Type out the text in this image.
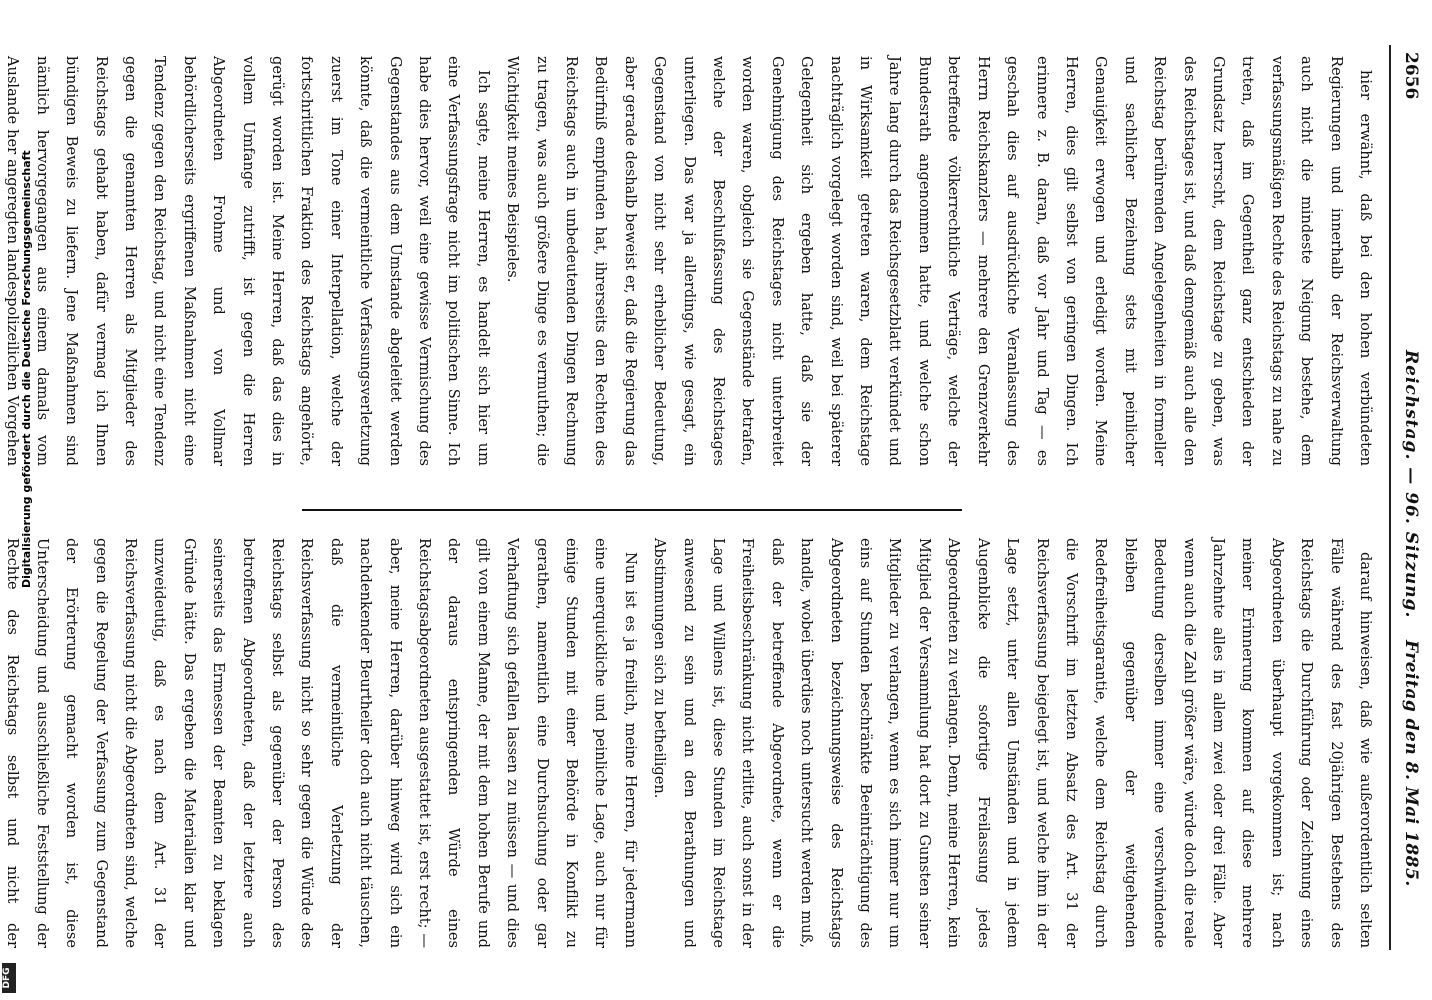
2656
Reichstag. — 96. Sitzung.
Freitag den 8. Mai 1885.

hier erwähnt, daß bei den hohen verbündeten Regierungen und innerhalb der Reichsverwaltung auch nicht die mindeste Neigung bestehe, dem verfassungsmäßigen Rechte des Reichstags zu nahe zu treten, daß im Gegentheil ganz entschieden der Grundsatz herrscht, dem Reichstage zu geben, was des Reichstages ist, und daß demgemäß auch alle den Reichstag berührenden Angelegenheiten in formeller und sachlicher Beziehung stets mit peinlicher Genauigkeit erwogen und erledigt worden. Meine Herren, dies gilt selbst von geringen Dingen. Ich erinnere z. B. daran, daß vor Jahr und Tag — es geschah dies auf ausdrückliche Veranlassung des Herrn Reichskanzlers — mehrere den Grenzverkehr betreffende völkerrechtliche Verträge, welche der Bundesrath angenommen hatte, und welche schon Jahre lang durch das Reichsgesetzblatt verkündet und in Wirksamkeit getreten waren, dem Reichstage nachträglich vorgelegt worden sind, weil bei späterer Gelegenheit sich ergeben hatte, daß sie der Genehmigung des Reichstages nicht unterbreitet worden waren, obgleich sie Gegenstände betrafen, welche der Beschlußfassung des Reichstages unterliegen. Das war ja allerdings, wie gesagt, ein Gegenstand von nicht sehr erheblicher Bedeutung, aber gerade deshalb beweist er, daß die Regierung das Bedürfniß empfunden hat, ihrerseits den Rechten des Reichstags auch in unbedeutenden Dingen Rechnung zu tragen, was auch größere Dinge es vermuthen; die Wichtigkeit meines Beispieles.

Ich sagte, meine Herren, es handelt sich hier um eine Verfassungsfrage nicht im politischen Sinne. Ich habe dies hervor, weil eine gewisse Vermischung des Gegenstandes aus dem Umstande abgeleitet werden könnte, daß die vermeintliche Verfassungsverletzung zuerst im Tone einer Interpellation, welche der fortschrittlichen Fraktion des Reichstags angehörte, gerügt worden ist. Meine Herren, daß das dies in vollem Umfange zutrifft, ist gegen die Herren Abgeordneten Frohme und von Vollmar behördlicherseits ergriffenen Maßnahmen nicht eine Tendenz gegen den Reichstag, und nicht eine Tendenz gegen die genannten Herren als Mitglieder des Reichstags gehabt haben, dafür vermag ich Ihnen bündigen Beweis zu liefern. Jene Maßnahmen sind nämlich hervorgegangen aus einem damals vom Auslande her angeregten landespolizeilichen Vorgehen

darauf hinweisen, daß wie außerordentlich selten Fälle während des fast 20jährigen Bestehens des Reichstags die Durchführung oder Zeichnung eines Abgeordneten überhaupt vorgekommen ist; nach meiner Erinnerung kommen auf diese mehrere Jahrzehnte alles in allem zwei oder drei Fälle. Aber wenn auch die Zahl größer wäre, würde doch die reale Bedeutung derselben immer eine verschwindende bleiben gegenüber der weitgehenden Redefreiheitsgarantie, welche dem Reichstag durch die Vorschrift im letzten Absatz des Art. 31 der Reichsverfassung beigelegt ist, und welche ihm in der Lage setzt, unter allen Umständen und in jedem Augenblicke die sofortige Freilassung jedes Abgeordneten zu verlangen. Denn, meine Herren, kein Mitglied der Versammlung hat dort zu Gunsten seiner Mitglieder zu verlangen, wenn es sich immer nur um eins auf Stunden beschränkte Beeinträchtigung des Abgeordneten bezeichnungsweise des Reichstags handle, wobei überdies noch untersucht werden muß, daß der betreffende Abgeordnete, wenn er die Freiheitsbeschränkung nicht erlitte, auch sonst in der Lage und Willens ist, diese Stunden im Reichstage anwesend zu sein und an den Berathungen und Abstimmungen sich zu betheiligen.

Nun ist es ja freilich, meine Herren, für jedermann eine unerquickliche und peinliche Lage, auch nur für einige Stunden mit einer Behörde in Konflikt zu gerathen, namentlich eine Durchsuchung oder gar Verhaftung sich gefallen lassen zu müssen — und dies gilt von einem Manne, der mit dem hohen Berufe und der daraus entspringenden Würde eines Reichstagsabgeordneten ausgestattet ist, erst recht; — aber, meine Herren, darüber hinweg wird sich ein nachdenkender Beurtheiler doch auch nicht täuschen, daß die vermeintliche Verletzung der Reichsverfassung nicht so sehr gegen die Würde des Reichstags selbst als gegenüber der Person des betroffenen Abgeordneten, daß der letztere auch seinerseits das Ermessen der Beamten zu beklagen Gründe hätte. Das ergeben die Materialien klar und unzweideutig, daß es nach dem Art. 31 der Reichsverfassung nicht die Abgeordneten sind, welche gegen die Regelung der Verfassung zum Gegenstand der Erörterung gemacht worden ist, diese Unterscheidung und ausschließliche Feststellung der Rechte des Reichstags selbst und nicht der

Digitalisierung gefördert durch die Deutsche Forschungsgemeinschaft
DFG
